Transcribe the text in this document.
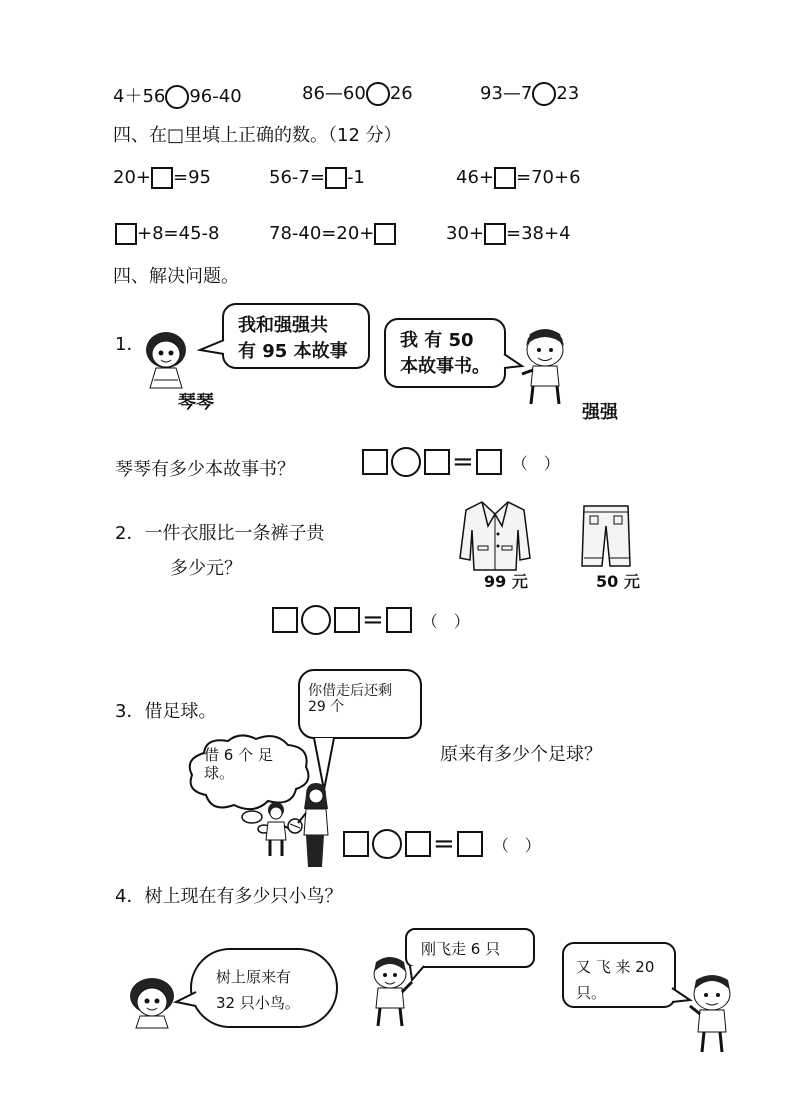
4＋56 96-40	86—60 26	93—7 23
四、在□里填上正确的数。（12 分）
20+ =95	56-7= -1	46+ =70+6
+8=45-8	78-40=20+	30+ =38+4
四、解决问题。
1．
我和强强共
有 95 本故事
琴琴
我 有 50
本故事书。
强强
琴琴有多少本故事书？	= （　）
2．一件衣服比一条裤子贵
多少元？
99 元	50 元
= （　）
3．借足球。
你借走后还剩
29 个
借 6 个 足
球。
原来有多少个足球？
= （　）
4．树上现在有多少只小鸟？
树上原来有
32 只小鸟。
刚飞走 6 只
又 飞 来 20
只。
